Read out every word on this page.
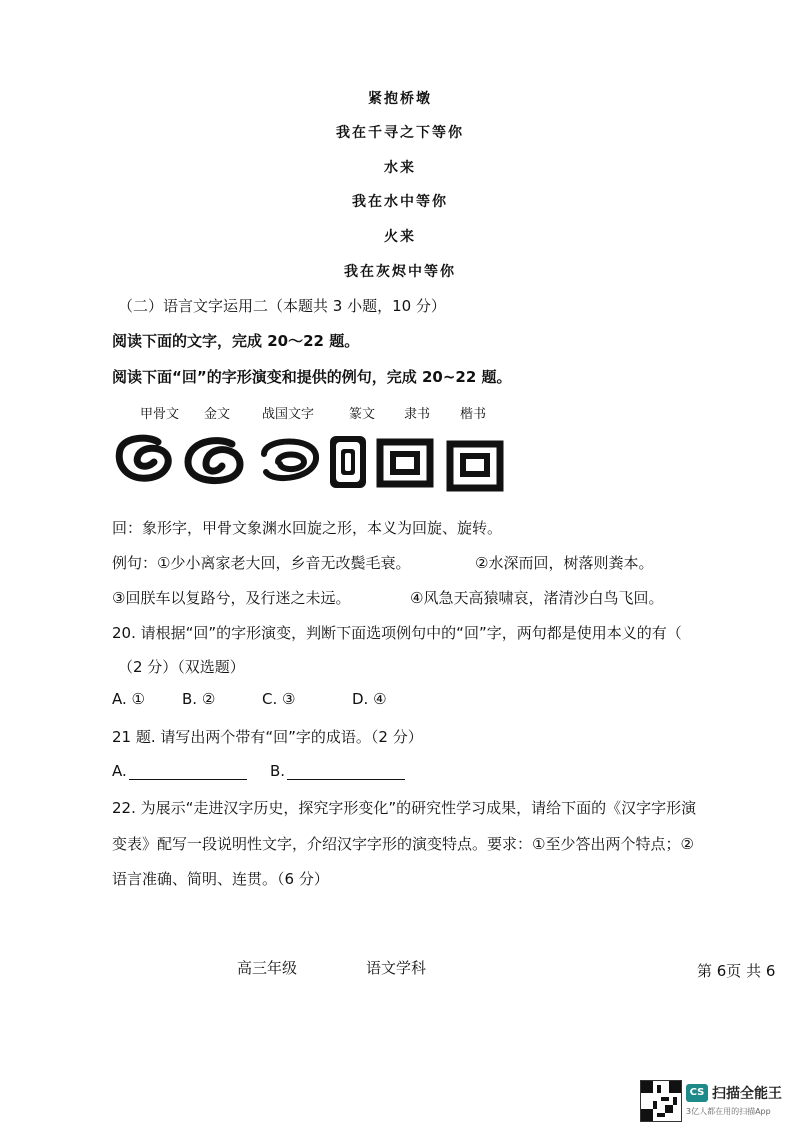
紧抱桥墩
我在千寻之下等你
水来
我在水中等你
火来
我在灰烬中等你
（二）语言文字运用二（本题共 3 小题，10 分）
阅读下面的文字，完成 20～22 题。
阅读下面“回”的字形演变和提供的例句，完成 20~22 题。
甲骨文 金文 战国文字	篆文 隶书 楷书
回：象形字，甲骨文象渊水回旋之形，本义为回旋、旋转。
例句：①少小离家老大回，乡音无改鬓毛衰。	②水深而回，树落则粪本。
③回朕车以复路兮，及行迷之未远。	④风急天高猿啸哀，渚清沙白鸟飞回。
20. 请根据“回”的字形演变，判断下面选项例句中的“回”字，两句都是使用本义的有（
（2 分）（双选题）
A. ① B. ②	C. ③	D. ④
21 题. 请写出两个带有“回”字的成语。（2 分）
A.	B.
22. 为展示“走进汉字历史，探究字形变化”的研究性学习成果，请给下面的《汉字字形演
变表》配写一段说明性文字，介绍汉字字形的演变特点。要求：①至少答出两个特点；②
语言准确、简明、连贯。（6 分）
高三年级	语文学科	第 6页 共 6
CS 扫描全能王
3亿人都在用的扫描App
